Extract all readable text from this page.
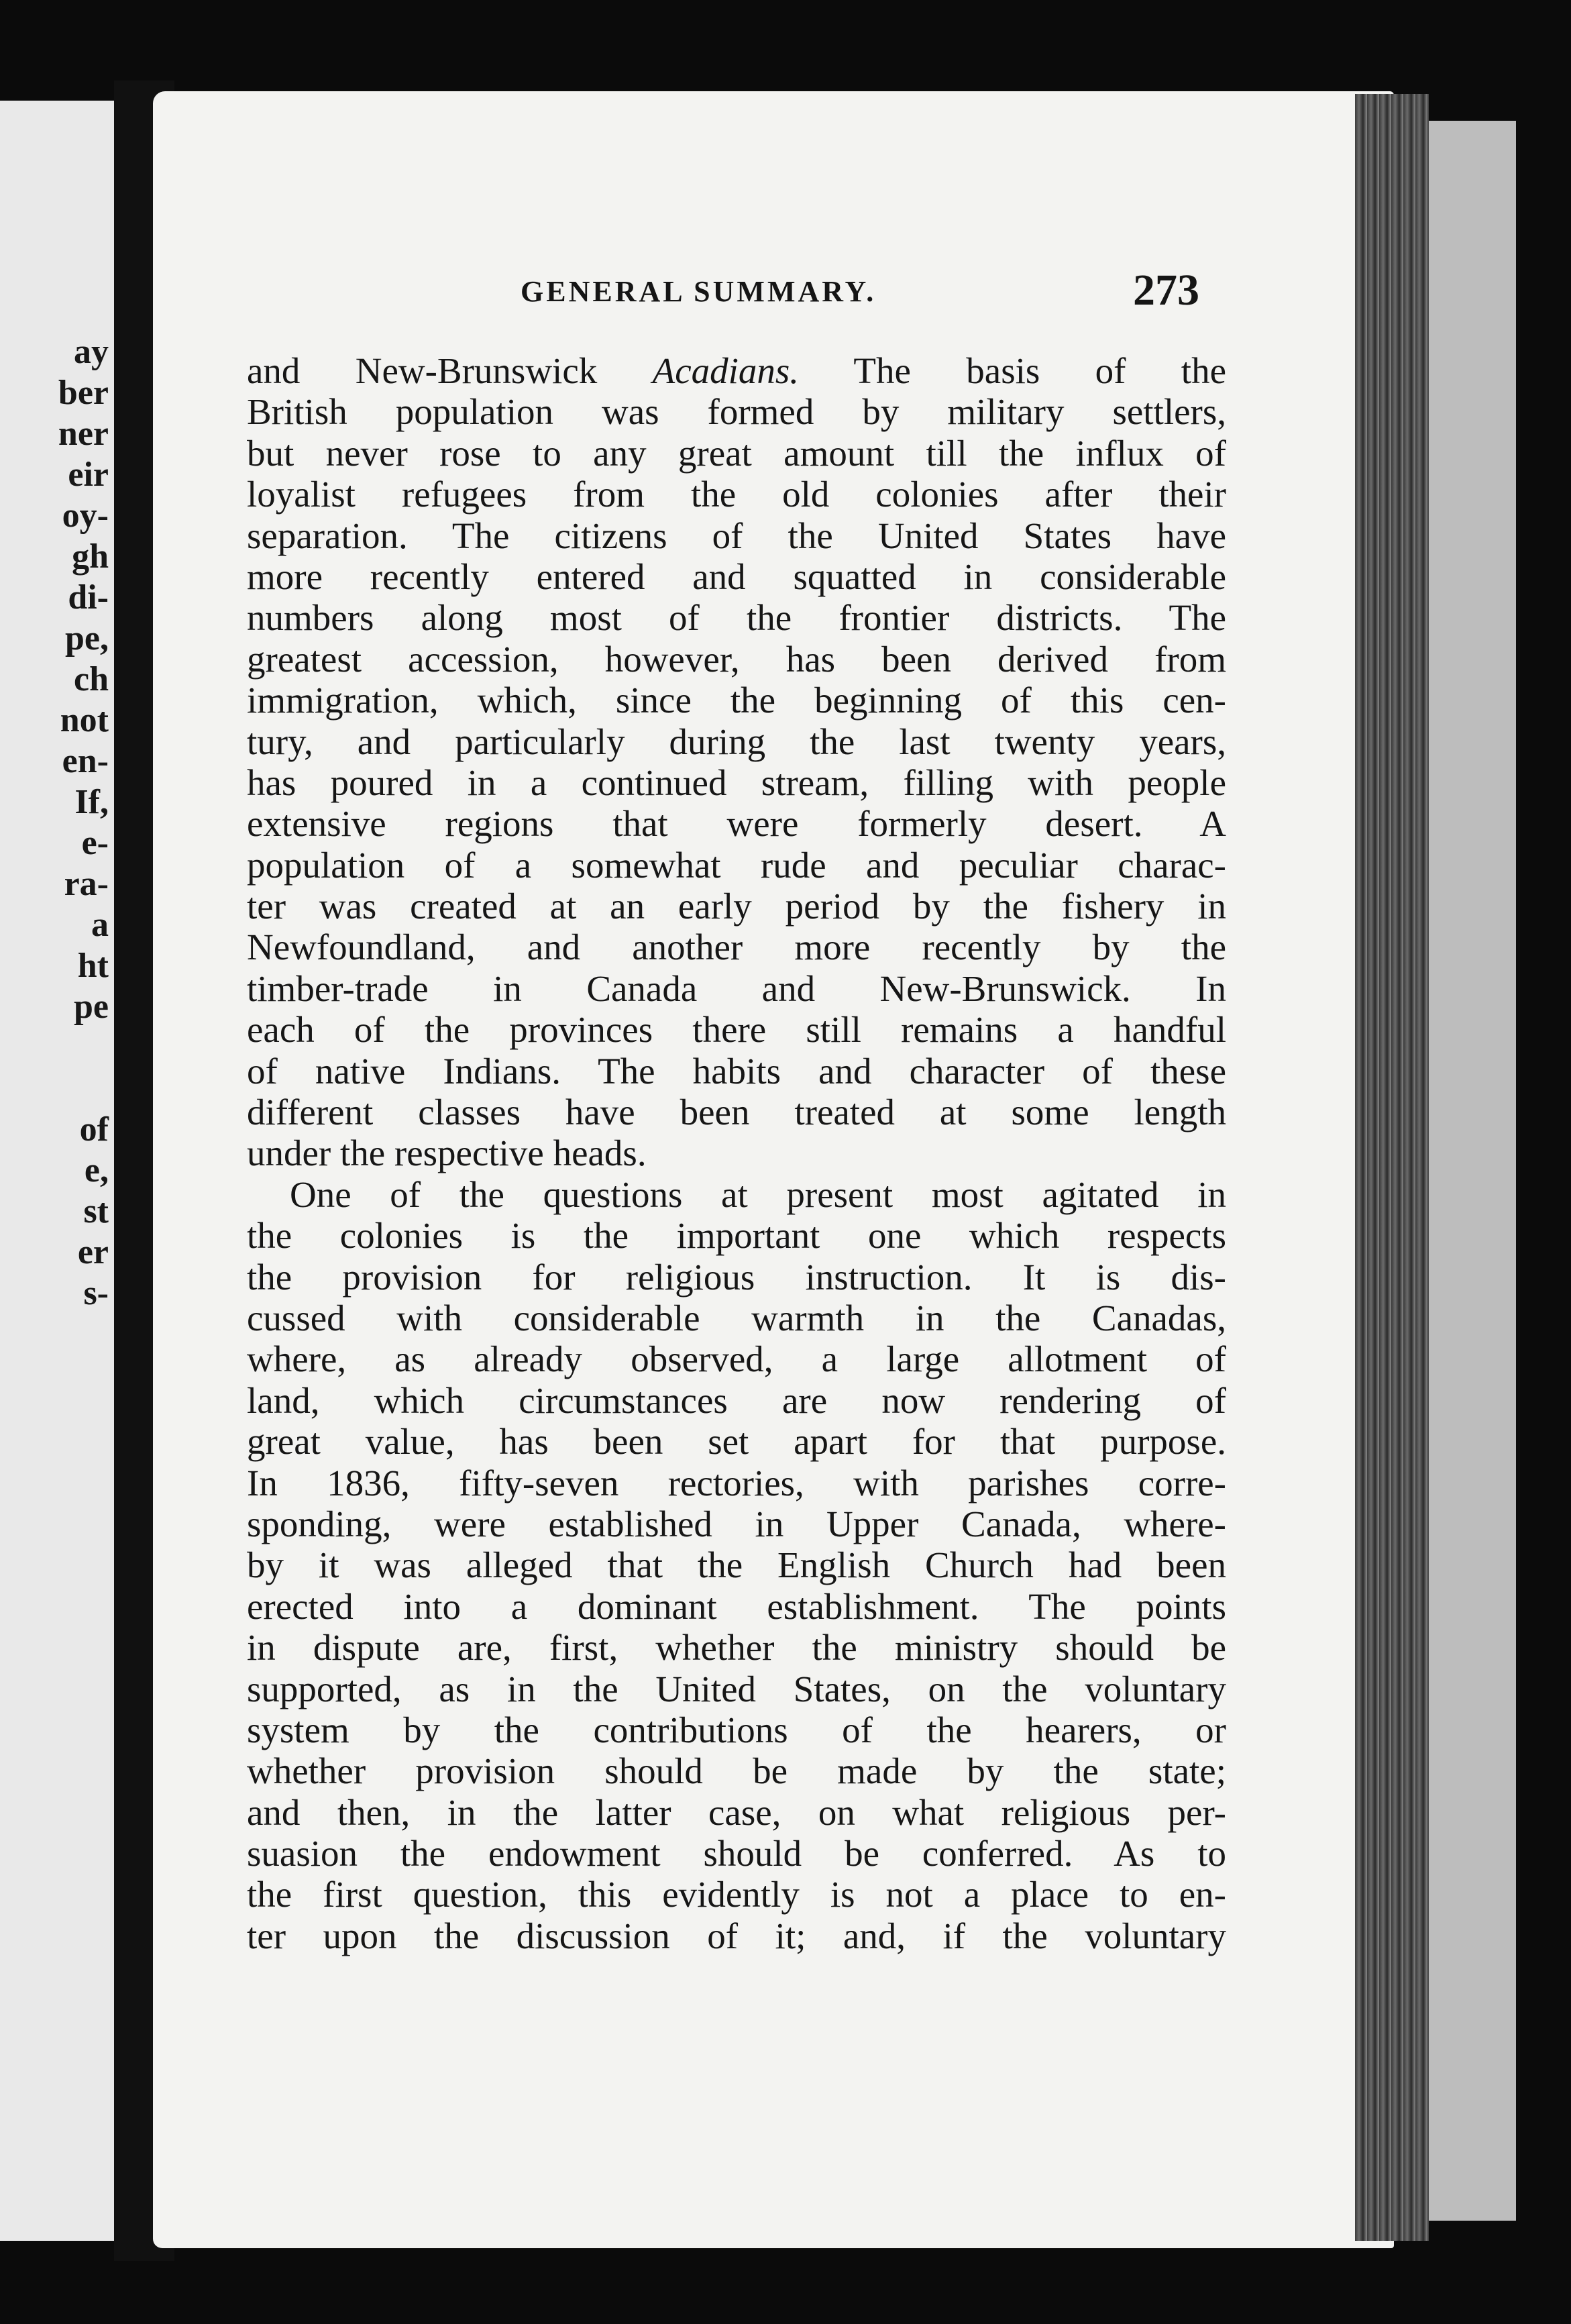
ay
ber
ner
eir
oy-
gh
di-
pe,
ch
not
en-
If,
e-
ra-
a
ht
pe
of
e,
st
er
s-
GENERAL SUMMARY.	273
and New-Brunswick Acadians. The basis of the
British population was formed by military settlers,
but never rose to any great amount till the influx of
loyalist refugees from the old colonies after their
separation. The citizens of the United States have
more recently entered and squatted in considerable
numbers along most of the frontier districts. The
greatest accession, however, has been derived from
immigration, which, since the beginning of this cen-
tury, and particularly during the last twenty years,
has poured in a continued stream, filling with people
extensive regions that were formerly desert. A
population of a somewhat rude and peculiar charac-
ter was created at an early period by the fishery in
Newfoundland, and another more recently by the
timber-trade in Canada and New-Brunswick. In
each of the provinces there still remains a handful
of native Indians. The habits and character of these
different classes have been treated at some length
under the respective heads.
One of the questions at present most agitated in
the colonies is the important one which respects
the provision for religious instruction. It is dis-
cussed with considerable warmth in the Canadas,
where, as already observed, a large allotment of
land, which circumstances are now rendering of
great value, has been set apart for that purpose.
In 1836, fifty-seven rectories, with parishes corre-
sponding, were established in Upper Canada, where-
by it was alleged that the English Church had been
erected into a dominant establishment. The points
in dispute are, first, whether the ministry should be
supported, as in the United States, on the voluntary
system by the contributions of the hearers, or
whether provision should be made by the state;
and then, in the latter case, on what religious per-
suasion the endowment should be conferred. As to
the first question, this evidently is not a place to en-
ter upon the discussion of it; and, if the voluntary
